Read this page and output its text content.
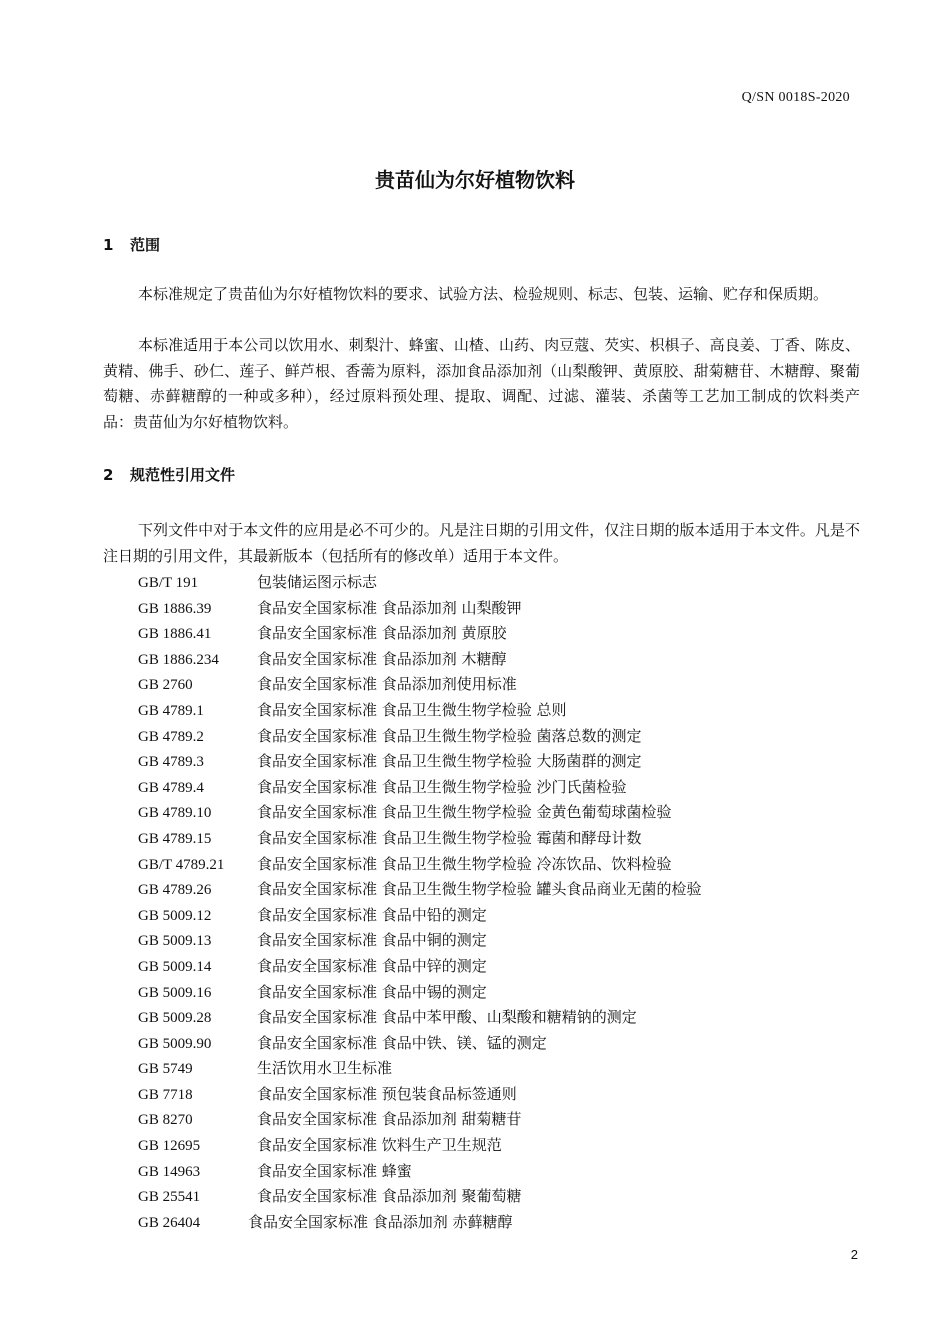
Q/SN 0018S-2020
贵苗仙为尔好植物饮料
1 范围

本标准规定了贵苗仙为尔好植物饮料的要求、试验方法、检验规则、标志、包装、运输、贮存和保质期。

本标准适用于本公司以饮用水、刺梨汁、蜂蜜、山楂、山药、肉豆蔻、芡实、枳椇子、高良姜、丁香、陈皮、黄精、佛手、砂仁、莲子、鲜芦根、香薷为原料，添加食品添加剂（山梨酸钾、黄原胶、甜菊糖苷、木糖醇、聚葡萄糖、赤藓糖醇的一种或多种），经过原料预处理、提取、调配、过滤、灌装、杀菌等工艺加工制成的饮料类产品：贵苗仙为尔好植物饮料。

2 规范性引用文件

下列文件中对于本文件的应用是必不可少的。凡是注日期的引用文件，仅注日期的版本适用于本文件。凡是不注日期的引用文件，其最新版本（包括所有的修改单）适用于本文件。

GB/T 191	包装储运图示标志
GB 1886.39	食品安全国家标准 食品添加剂 山梨酸钾
GB 1886.41	食品安全国家标准 食品添加剂 黄原胶
GB 1886.234	食品安全国家标准 食品添加剂 木糖醇
GB 2760	食品安全国家标准 食品添加剂使用标准
GB 4789.1	食品安全国家标准 食品卫生微生物学检验 总则
GB 4789.2	食品安全国家标准 食品卫生微生物学检验 菌落总数的测定
GB 4789.3	食品安全国家标准 食品卫生微生物学检验 大肠菌群的测定
GB 4789.4	食品安全国家标准 食品卫生微生物学检验 沙门氏菌检验
GB 4789.10	食品安全国家标准 食品卫生微生物学检验 金黄色葡萄球菌检验
GB 4789.15	食品安全国家标准 食品卫生微生物学检验 霉菌和酵母计数
GB/T 4789.21 食品安全国家标准 食品卫生微生物学检验 冷冻饮品、饮料检验
GB 4789.26	食品安全国家标准 食品卫生微生物学检验 罐头食品商业无菌的检验
GB 5009.12	食品安全国家标准 食品中铅的测定
GB 5009.13	食品安全国家标准 食品中铜的测定
GB 5009.14	食品安全国家标准 食品中锌的测定
GB 5009.16	食品安全国家标准 食品中锡的测定
GB 5009.28	食品安全国家标准 食品中苯甲酸、山梨酸和糖精钠的测定
GB 5009.90	食品安全国家标准 食品中铁、镁、锰的测定
GB 5749	生活饮用水卫生标准
GB 7718	食品安全国家标准 预包装食品标签通则
GB 8270	食品安全国家标准 食品添加剂 甜菊糖苷
GB 12695	食品安全国家标准 饮料生产卫生规范
GB 14963	食品安全国家标准 蜂蜜
GB 25541	食品安全国家标准 食品添加剂 聚葡萄糖
GB 26404	食品安全国家标准 食品添加剂 赤藓糖醇
2
